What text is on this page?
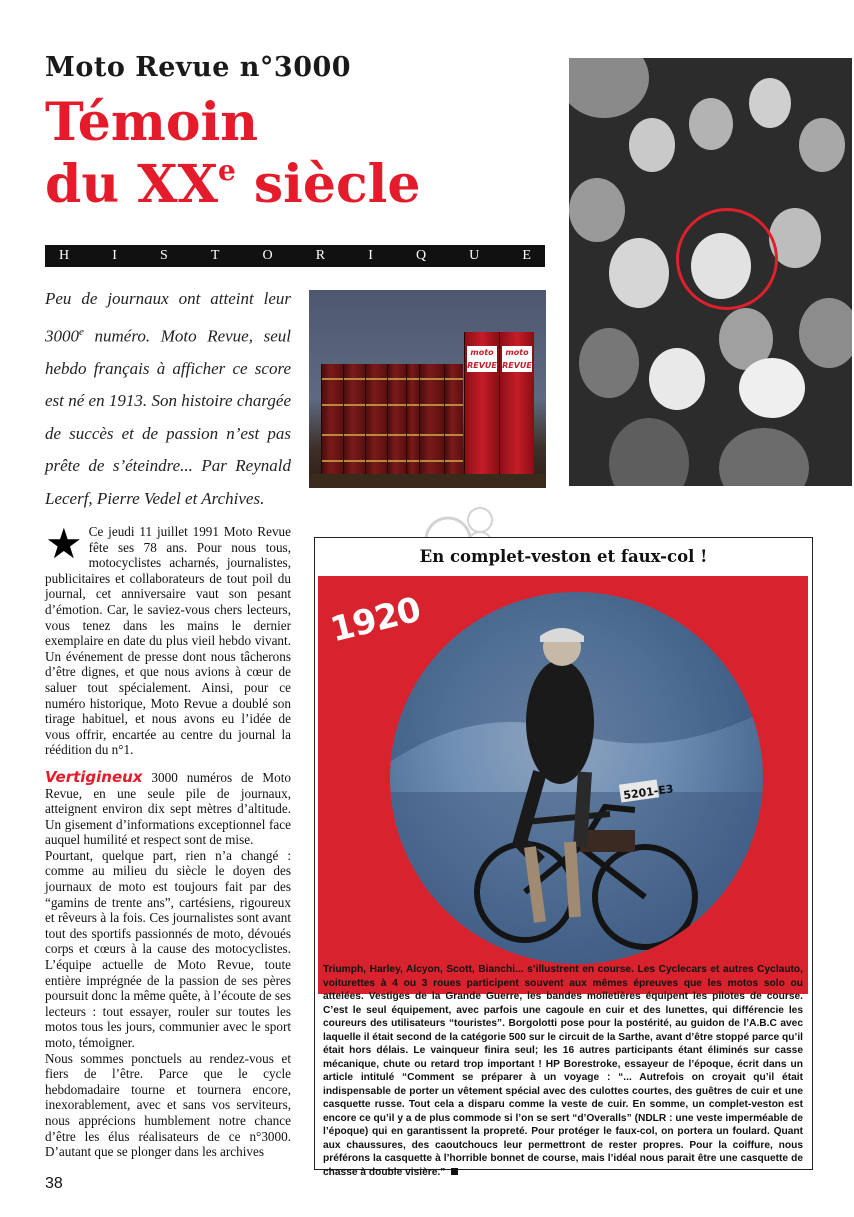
Moto Revue n°3000
Témoin
du XXe siècle
H	I	S	T	O	R	I	Q	U	E
Peu de journaux ont atteint leur 3000e numéro. Moto Revue, seul hebdo français à afficher ce score est né en 1913. Son histoire chargée de succès et de passion n’est pas prête de s’éteindre... Par Reynald Lecerf, Pierre Vedel et Archives.
moto REVUE
moto REVUE

★ Ce jeudi 11 juillet 1991 Moto Revue fête ses 78 ans. Pour nous tous, motocyclistes acharnés, journalistes, publicitaires et collaborateurs de tout poil du journal, cet anniversaire vaut son pesant d’émotion. Car, le saviez-vous chers lecteurs, vous tenez dans les mains le dernier exemplaire en date du plus vieil hebdo vivant. Un événement de presse dont nous tâcherons d’être dignes, et que nous avions à cœur de saluer tout spécialement. Ainsi, pour ce numéro historique, Moto Revue a doublé son tirage habituel, et nous avons eu l’idée de vous offrir, encartée au centre du journal la réédition du n°1.

Vertigineux 3000 numéros de Moto Revue, en une seule pile de journaux, atteignent environ dix sept mètres d’altitude. Un gisement d’informations exceptionnel face auquel humilité et respect sont de mise.

Pourtant, quelque part, rien n’a changé : comme au milieu du siècle le doyen des journaux de moto est toujours fait par des “gamins de trente ans”, cartésiens, rigoureux et rêveurs à la fois. Ces journalistes sont avant tout des sportifs passionnés de moto, dévoués corps et cœurs à la cause des motocyclistes. L’équipe actuelle de Moto Revue, toute entière imprégnée de la passion de ses pères poursuit donc la même quête, à l’écoute de ses lecteurs : tout essayer, rouler sur toutes les motos tous les jours, communier avec le sport moto, témoigner.

Nous sommes ponctuels au rendez-vous et fiers de l’être. Parce que le cycle hebdomadaire tourne et tournera encore, inexorablement, avec et sans vos serviteurs, nous apprécions humblement notre chance d’être les élus réalisateurs de ce n°3000. D’autant que se plonger dans les archives

38
En complet-veston et faux-col !
1920
5201-E3
Triumph, Harley, Alcyon, Scott, Bianchi... s’illustrent en course. Les Cyclecars et autres Cyclauto, voiturettes à 4 ou 3 roues participent souvent aux mêmes épreuves que les motos solo ou attelées. Vestiges de la Grande Guerre, les bandes molletières équipent les pilotes de course. C’est le seul équipement, avec parfois une cagoule en cuir et des lunettes, qui différencie les coureurs des utilisateurs “touristes”. Borgolotti pose pour la postérité, au guidon de l’A.B.C avec laquelle il était second de la catégorie 500 sur le circuit de la Sarthe, avant d’être stoppé parce qu’il était hors délais. Le vainqueur finira seul; les 16 autres participants étant éliminés sur casse mécanique, chute ou retard trop important ! HP Borestroke, essayeur de l’époque, écrit dans un article intitulé “Comment se préparer à un voyage : “... Autrefois on croyait qu’il était indispensable de porter un vêtement spécial avec des culottes courtes, des guêtres de cuir et une casquette russe. Tout cela a disparu comme la veste de cuir. En somme, un complet-veston est encore ce qu’il y a de plus commode si l’on se sert “d’Overalls” (NDLR : une veste imperméable de l’époque) qui en garantissent la propreté. Pour protéger le faux-col, on portera un foulard. Quant aux chaussures, des caoutchoucs leur permettront de rester propres. Pour la coiffure, nous préférons la casquette à l’horrible bonnet de course, mais l’idéal nous parait être une casquette de chasse à double visière.”
